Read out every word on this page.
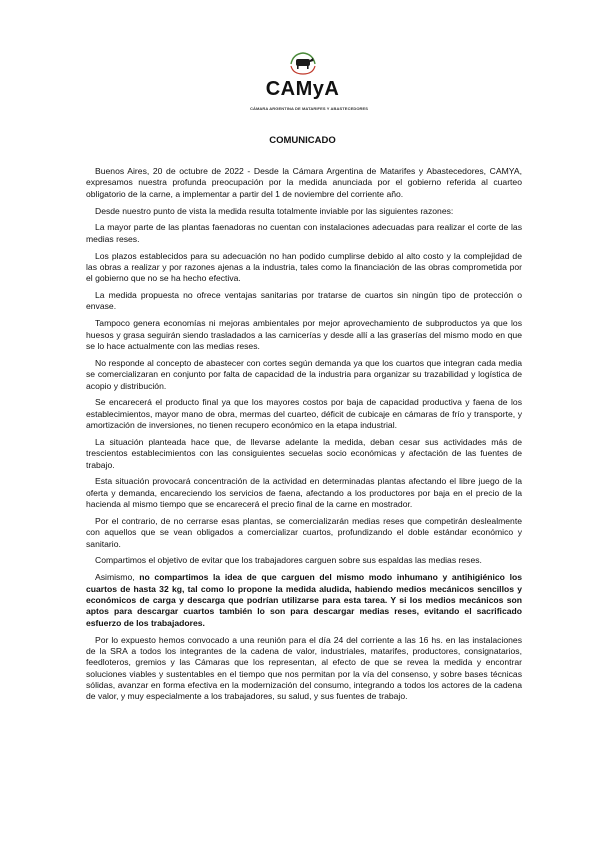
CAMyA
CÁMARA ARGENTINA DE MATARIFES Y ABASTECEDORES
COMUNICADO

Buenos Aires, 20 de octubre de 2022 - Desde la Cámara Argentina de Matarifes y Abastecedores, CAMYA, expresamos nuestra profunda preocupación por la medida anunciada por el gobierno referida al cuarteo obligatorio de la carne, a implementar a partir del 1 de noviembre del corriente año.

Desde nuestro punto de vista la medida resulta totalmente inviable por las siguientes razones:

La mayor parte de las plantas faenadoras no cuentan con instalaciones adecuadas para realizar el corte de las medias reses.

Los plazos establecidos para su adecuación no han podido cumplirse debido al alto costo y la complejidad de las obras a realizar y por razones ajenas a la industria, tales como la financiación de las obras comprometida por el gobierno que no se ha hecho efectiva.

La medida propuesta no ofrece ventajas sanitarias por tratarse de cuartos sin ningún tipo de protección o envase.

Tampoco genera economías ni mejoras ambientales por mejor aprovechamiento de subproductos ya que los huesos y grasa seguirán siendo trasladados a las carnicerías y desde allí a las graserías del mismo modo en que se lo hace actualmente con las medias reses.

No responde al concepto de abastecer con cortes según demanda ya que los cuartos que integran cada media se comercializaran en conjunto por falta de capacidad de la industria para organizar su trazabilidad y logística de acopio y distribución.

Se encarecerá el producto final ya que los mayores costos por baja de capacidad productiva y faena de los establecimientos, mayor mano de obra, mermas del cuarteo, déficit de cubicaje en cámaras de frío y transporte, y amortización de inversiones, no tienen recupero económico en la etapa industrial.

La situación planteada hace que, de llevarse adelante la medida, deban cesar sus actividades más de trescientos establecimientos con las consiguientes secuelas socio económicas y afectación de las fuentes de trabajo.

Esta situación provocará concentración de la actividad en determinadas plantas afectando el libre juego de la oferta y demanda, encareciendo los servicios de faena, afectando a los productores por baja en el precio de la hacienda al mismo tiempo que se encarecerá el precio final de la carne en mostrador.

Por el contrario, de no cerrarse esas plantas, se comercializarán medias reses que competirán deslealmente con aquellos que se vean obligados a comercializar cuartos, profundizando el doble estándar económico y sanitario.

Compartimos el objetivo de evitar que los trabajadores carguen sobre sus espaldas las medias reses.

Asimismo, no compartimos la idea de que carguen del mismo modo inhumano y antihigiénico los cuartos de hasta 32 kg, tal como lo propone la medida aludida, habiendo medios mecánicos sencillos y económicos de carga y descarga que podrían utilizarse para esta tarea. Y si los medios mecánicos son aptos para descargar cuartos también lo son para descargar medias reses, evitando el sacrificado esfuerzo de los trabajadores.

Por lo expuesto hemos convocado a una reunión para el día 24 del corriente a las 16 hs. en las instalaciones de la SRA a todos los integrantes de la cadena de valor, industriales, matarifes, productores, consignatarios, feedloteros, gremios y las Cámaras que los representan, al efecto de que se revea la medida y encontrar soluciones viables y sustentables en el tiempo que nos permitan por la vía del consenso, y sobre bases técnicas sólidas, avanzar en forma efectiva en la modernización del consumo, integrando a todos los actores de la cadena de valor, y muy especialmente a los trabajadores, su salud, y sus fuentes de trabajo.
